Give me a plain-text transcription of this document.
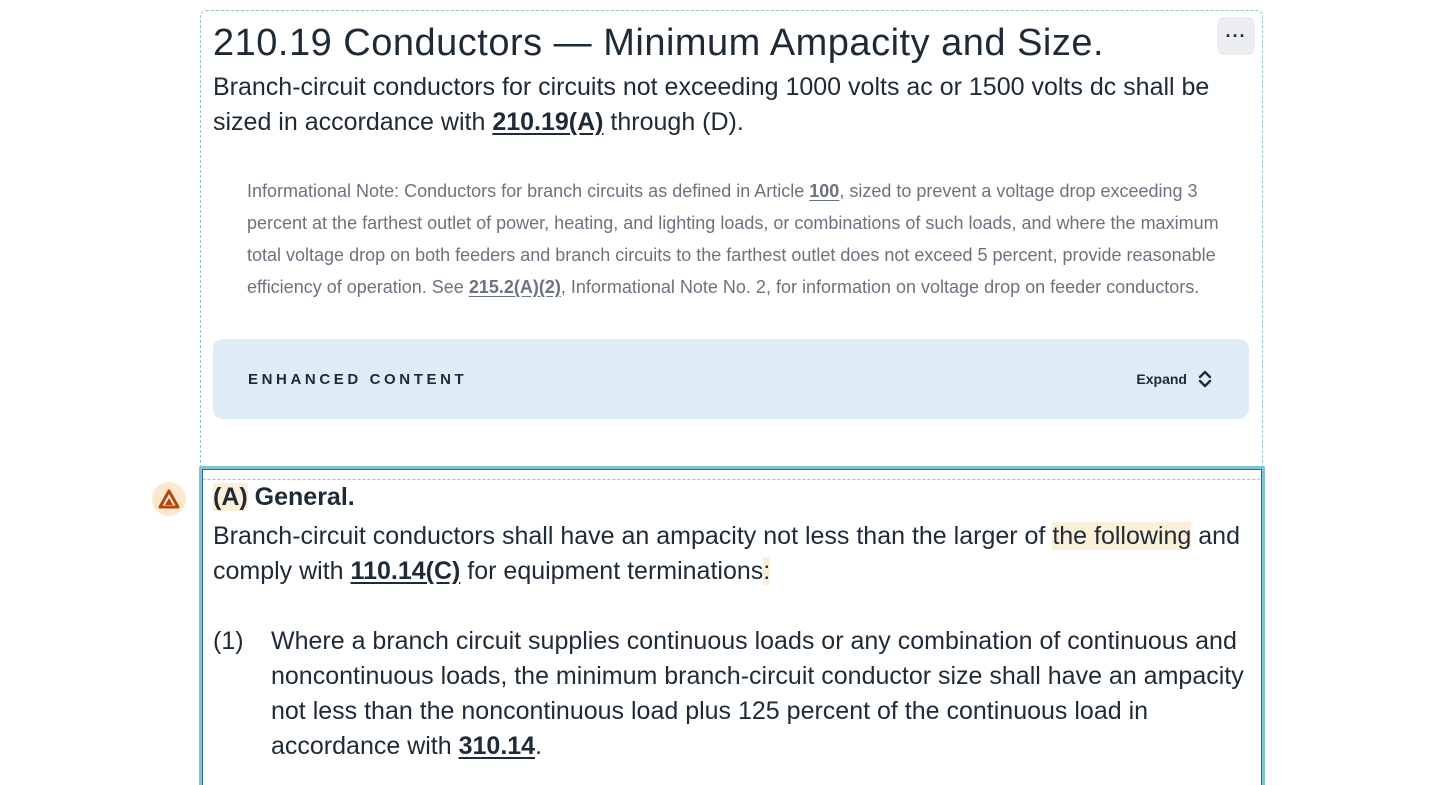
···
210.19 Conductors — Minimum Ampacity and Size.

Branch-circuit conductors for circuits not exceeding 1000 volts ac or 1500 volts dc shall be sized in accordance with 210.19(A) through (D).

Informational Note: Conductors for branch circuits as defined in Article 100, sized to prevent a voltage drop exceeding 3 percent at the farthest outlet of power, heating, and lighting loads, or combinations of such loads, and where the maximum total voltage drop on both feeders and branch circuits to the farthest outlet does not exceed 5 percent, provide reasonable efficiency of operation. See 215.2(A)(2), Informational Note No. 2, for information on voltage drop on feeder conductors.

ENHANCED CONTENT	Expand
(A) General.

Branch-circuit conductors shall have an ampacity not less than the larger of the following and comply with 110.14(C) for equipment terminations:

(1)	Where a branch circuit supplies continuous loads or any combination of continuous and noncontinuous loads, the minimum branch-circuit conductor size shall have an ampacity not less than the noncontinuous load plus 125 percent of the continuous load in accordance with 310.14.
